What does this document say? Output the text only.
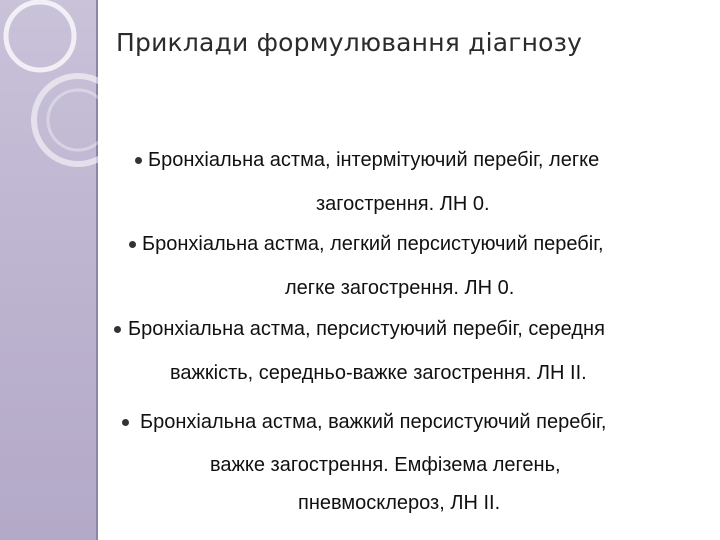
Приклади формулювання діагнозу
Бронхіальна астма, інтермітуючий перебіг, легке
загострення. ЛН 0.
Бронхіальна астма, легкий персистуючий перебіг,
легке загострення. ЛН 0.
Бронхіальна астма, персистуючий перебіг, середня
важкість, середньо-важке загострення. ЛН II.
Бронхіальна астма, важкий персистуючий перебіг,
важке загострення. Емфізема легень,
пневмосклероз, ЛН II.
